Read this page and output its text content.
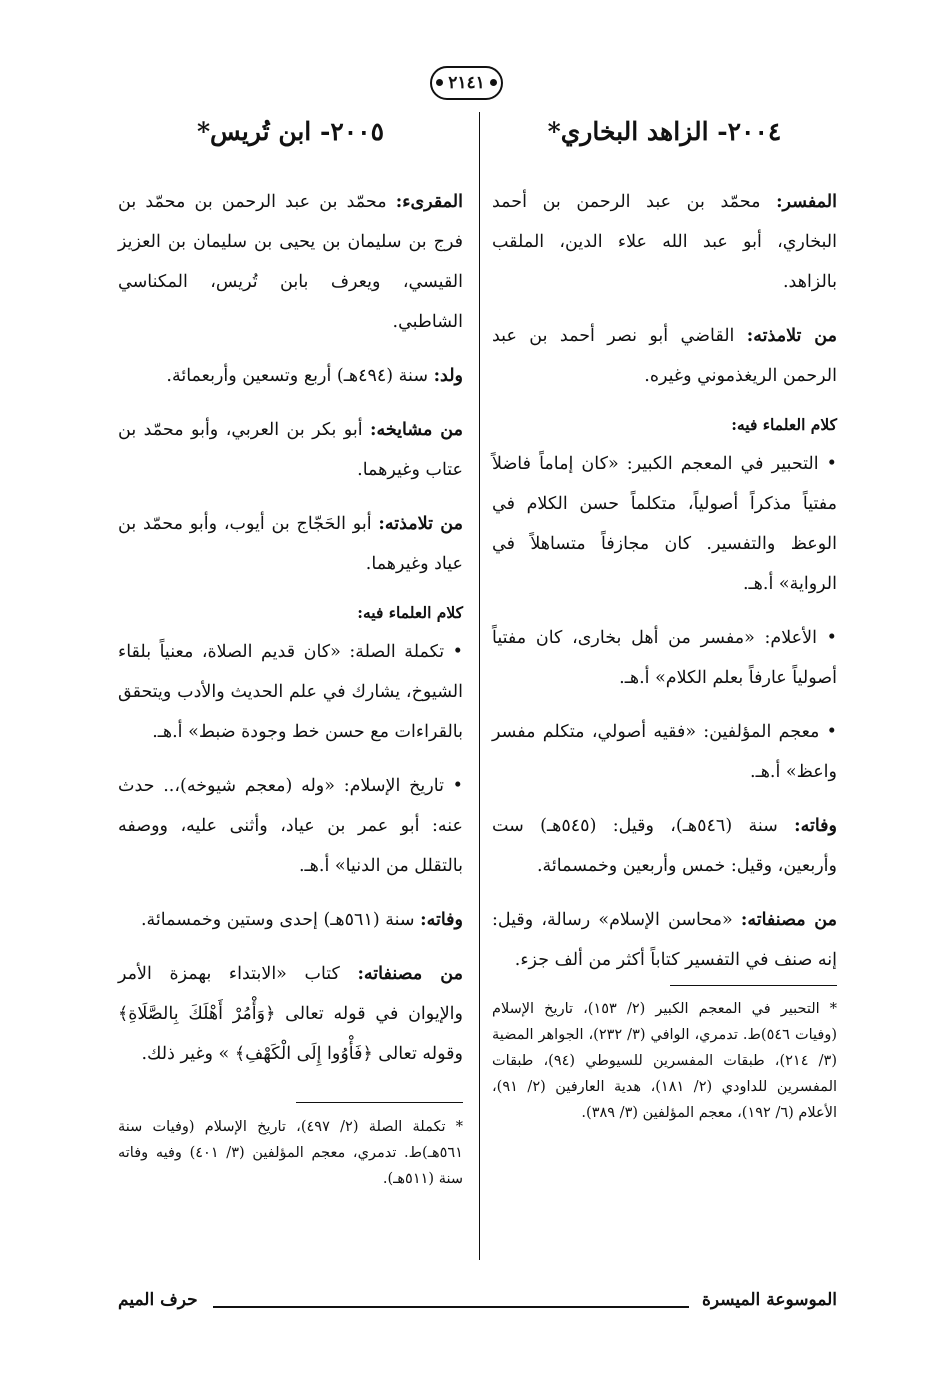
٢١٤١
٢٠٠٤- الزاهد البخاري*

المفسر: محمّد بن عبد الرحمن بن أحمد البخاري، أبو عبد الله علاء الدين، الملقب بالزاهد.

من تلامذته: القاضي أبو نصر أحمد بن عبد الرحمن الريغذموني وغيره.

كلام العلماء فيه:

• التحبير في المعجم الكبير: «كان إماماً فاضلاً مفتياً مذكراً أصولياً، متكلماً حسن الكلام في الوعظ والتفسير. كان مجازفاً متساهلاً في الرواية» أ.هـ.

• الأعلام: «مفسر من أهل بخارى، كان مفتياً أصولياً عارفاً بعلم الكلام» أ.هـ.

• معجم المؤلفين: «فقيه أصولي، متكلم مفسر واعظ» أ.هـ.

وفاته: سنة (٥٤٦هـ)، وقيل: (٥٤٥هـ) ست وأربعين، وقيل: خمس وأربعين وخمسمائة.

من مصنفاته: «محاسن الإسلام» رسالة، وقيل: إنه صنف في التفسير كتاباً أكثر من ألف جزء.

٢٠٠٥- ابن تُريس*

المقرىء: محمّد بن عبد الرحمن بن محمّد بن فرج بن سليمان بن يحيى بن سليمان بن العزيز القيسي، ويعرف بابن تُريس، المكناسي الشاطبي.

ولد: سنة (٤٩٤هـ) أربع وتسعين وأربعمائة.

من مشايخه: أبو بكر بن العربي، وأبو محمّد بن عتاب وغيرهما.

من تلامذته: أبو الحَجّاج بن أيوب، وأبو محمّد بن عياد وغيرهما.

كلام العلماء فيه:

• تكملة الصلة: «كان قديم الصلاة، معنياً بلقاء الشيوخ، يشارك في علم الحديث والأدب ويتحقق بالقراءات مع حسن خط وجودة ضبط» أ.هـ.

• تاريخ الإسلام: «وله (معجم شيوخه)،.. حدث عنه: أبو عمر بن عياد، وأثنى عليه، ووصفه بالتقلل من الدنيا» أ.هـ.

وفاته: سنة (٥٦١هـ) إحدى وستين وخمسمائة.

من مصنفاته: كتاب «الابتداء بهمزة الأمر والإيوان في قوله تعالى ﴿وَأْمُرْ أَهْلَكَ بِالصَّلَاةِ﴾ وقوله تعالى ﴿فَأْوُوا إِلَى الْكَهْفِ﴾ » وغير ذلك.

* التحبير في المعجم الكبير (٢/ ١٥٣)، تاريخ الإسلام (وفيات ٥٤٦)ط. تدمري، الوافي (٣/ ٢٣٢)، الجواهر المضية (٣/ ٢١٤)، طبقات المفسرين للسيوطي (٩٤)، طبقات المفسرين للداودي (٢/ ١٨١)، هدية العارفين (٢/ ٩١)، الأعلام (٦/ ١٩٢)، معجم المؤلفين (٣/ ٣٨٩).
* تكملة الصلة (٢/ ٤٩٧)، تاريخ الإسلام (وفيات سنة ٥٦١هـ)ط. تدمري، معجم المؤلفين (٣/ ٤٠١) وفيه وفاته سنة (٥١١هـ).
الموسوعة الميسرة
حرف الميم
